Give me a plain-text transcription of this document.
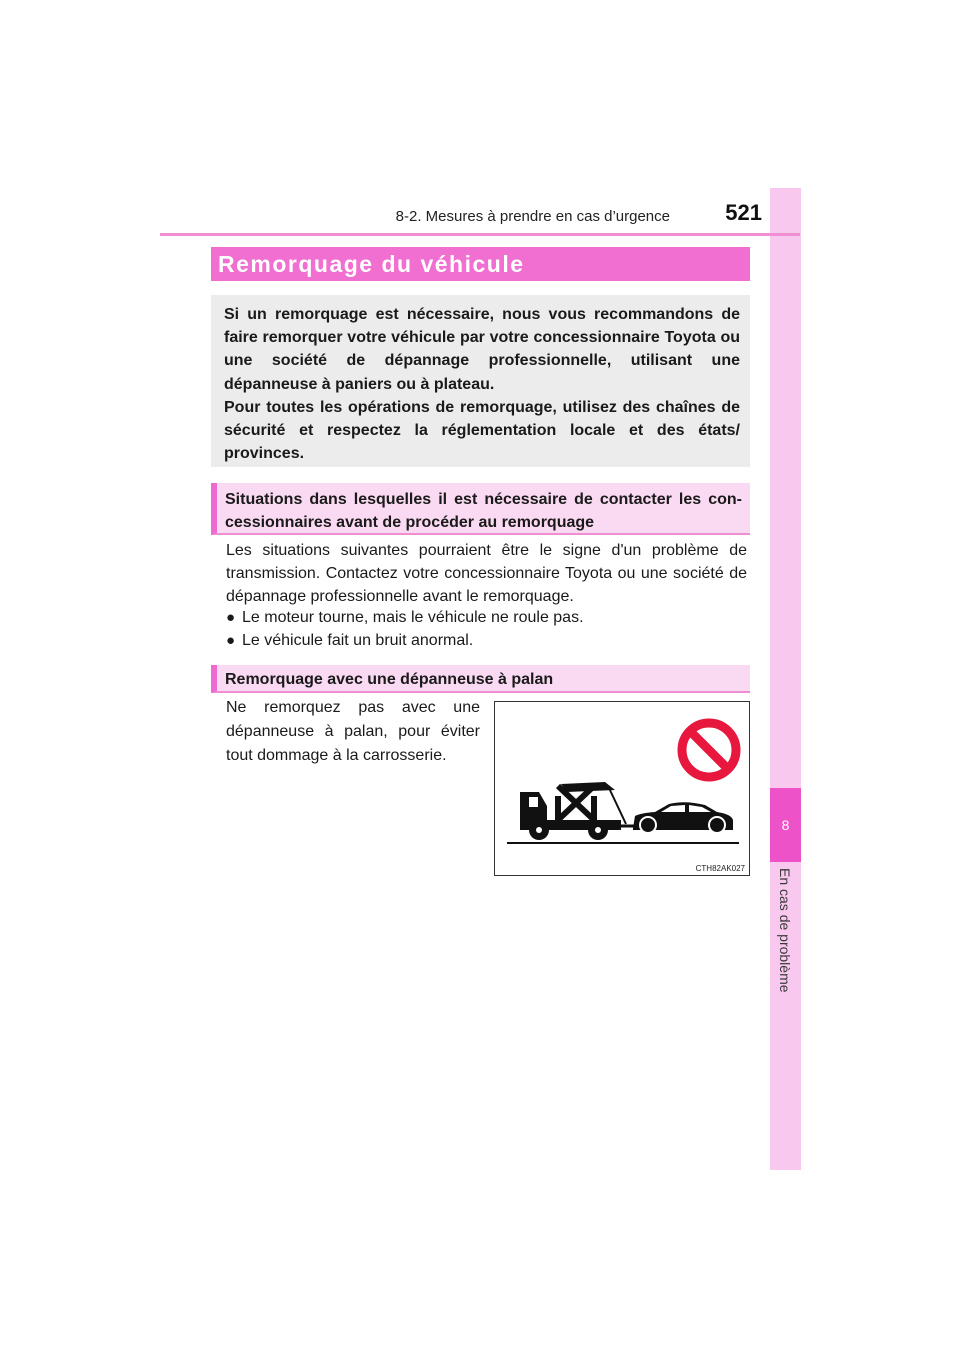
8
En cas de problème
8-2. Mesures à prendre en cas d’urgence	521
Remorquage du véhicule

Si un remorquage est nécessaire, nous vous recommandons de faire remorquer votre véhicule par votre concessionnaire Toyota ou une société de dépannage professionnelle, utilisant une dépanneuse à paniers ou à plateau.

Pour toutes les opérations de remorquage, utilisez des chaînes de sécurité et respectez la réglementation locale et des états/ provinces.

Situations dans lesquelles il est nécessaire de contacter les con- cessionnaires avant de procéder au remorquage

Les situations suivantes pourraient être le signe d'un problème de transmission. Contactez votre concessionnaire Toyota ou une société de dépannage professionnelle avant le remorquage.

● Le moteur tourne, mais le véhicule ne roule pas.
● Le véhicule fait un bruit anormal.
Remorquage avec une dépanneuse à palan

Ne remorquez pas avec une dépanneuse à palan, pour éviter tout dommage à la carrosserie.

CTH82AK027
